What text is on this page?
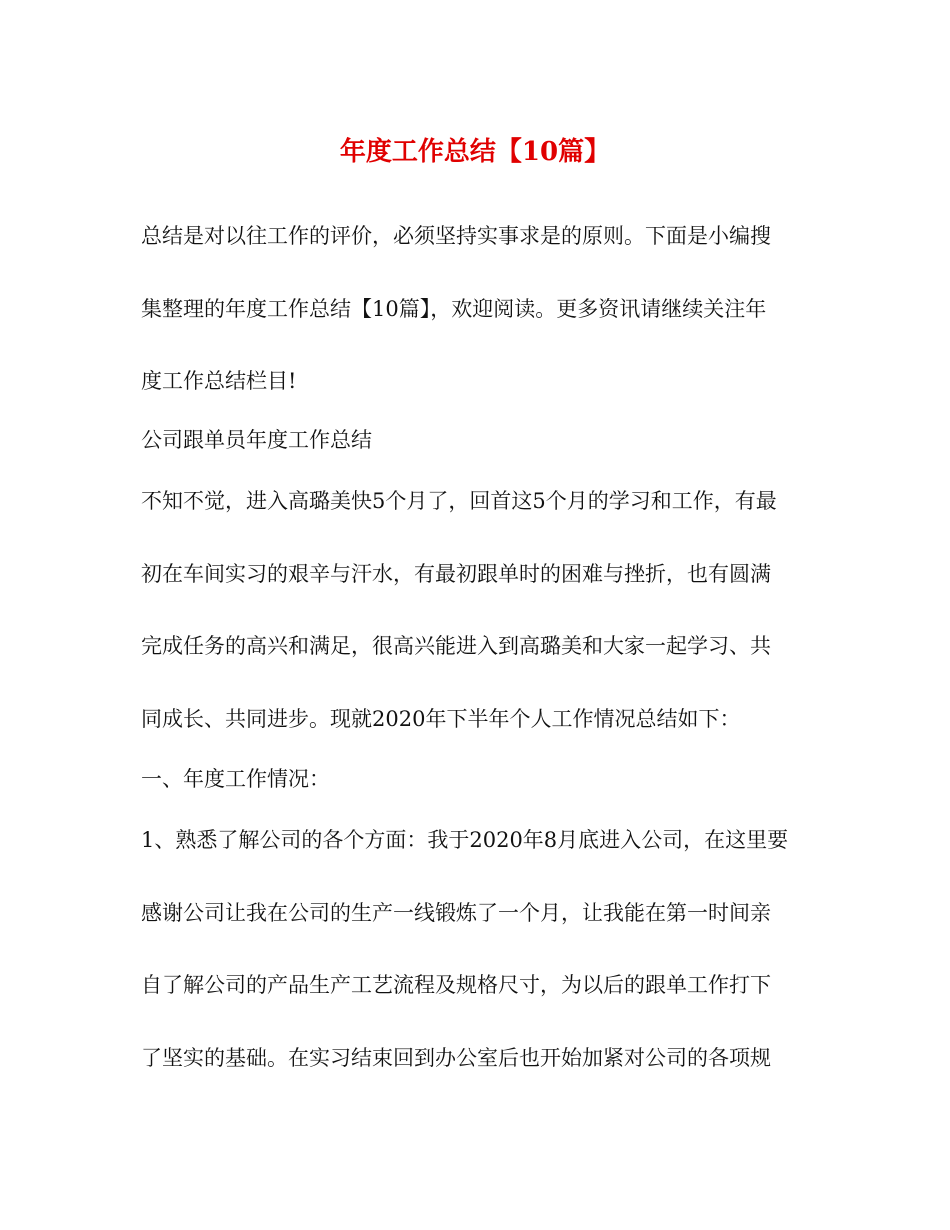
年度工作总结【10篇】

总结是对以往工作的评价，必须坚持实事求是的原则。下面是小编搜

集整理的年度工作总结【10篇】，欢迎阅读。更多资讯请继续关注年

度工作总结栏目!

公司跟单员年度工作总结

不知不觉，进入高璐美快5个月了，回首这5个月的学习和工作，有最

初在车间实习的艰辛与汗水，有最初跟单时的困难与挫折，也有圆满

完成任务的高兴和满足，很高兴能进入到高璐美和大家一起学习、共

同成长、共同进步。现就2020年下半年个人工作情况总结如下：

一、年度工作情况：

1、熟悉了解公司的各个方面：我于2020年8月底进入公司，在这里要

感谢公司让我在公司的生产一线锻炼了一个月，让我能在第一时间亲

自了解公司的产品生产工艺流程及规格尺寸，为以后的跟单工作打下

了坚实的基础。在实习结束回到办公室后也开始加紧对公司的各项规
